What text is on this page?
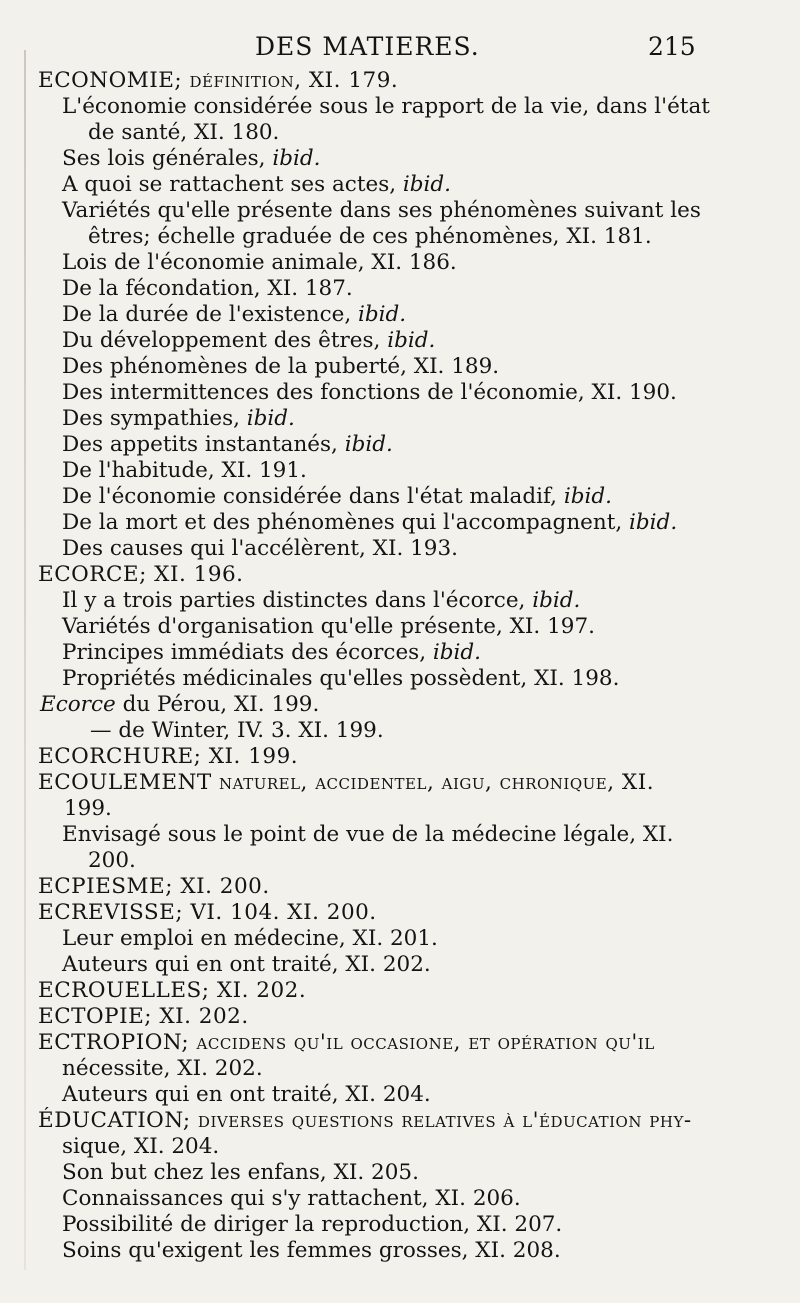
DES MATIERES.	215
ECONOMIE; définition, XI. 179.
L'économie considérée sous le rapport de la vie, dans l'état
de santé, XI. 180.
Ses lois générales, ibid.
A quoi se rattachent ses actes, ibid.
Variétés qu'elle présente dans ses phénomènes suivant les
êtres; échelle graduée de ces phénomènes, XI. 181.
Lois de l'économie animale, XI. 186.
De la fécondation, XI. 187.
De la durée de l'existence, ibid.
Du développement des êtres, ibid.
Des phénomènes de la puberté, XI. 189.
Des intermittences des fonctions de l'économie, XI. 190.
Des sympathies, ibid.
Des appetits instantanés, ibid.
De l'habitude, XI. 191.
De l'économie considérée dans l'état maladif, ibid.
De la mort et des phénomènes qui l'accompagnent, ibid.
Des causes qui l'accélèrent, XI. 193.
ECORCE; XI. 196.
Il y a trois parties distinctes dans l'écorce, ibid.
Variétés d'organisation qu'elle présente, XI. 197.
Principes immédiats des écorces, ibid.
Propriétés médicinales qu'elles possèdent, XI. 198.
Ecorce du Pérou, XI. 199.
— de Winter, IV. 3. XI. 199.
ECORCHURE; XI. 199.
ECOULEMENT naturel, accidentel, aigu, chronique, XI.
199.
Envisagé sous le point de vue de la médecine légale, XI.
200.
ECPIESME; XI. 200.
ECREVISSE; VI. 104. XI. 200.
Leur emploi en médecine, XI. 201.
Auteurs qui en ont traité, XI. 202.
ECROUELLES; XI. 202.
ECTOPIE; XI. 202.
ECTROPION; accidens qu'il occasione, et opération qu'il
nécessite, XI. 202.
Auteurs qui en ont traité, XI. 204.
ÉDUCATION; diverses questions relatives à l'éducation phy-
sique, XI. 204.
Son but chez les enfans, XI. 205.
Connaissances qui s'y rattachent, XI. 206.
Possibilité de diriger la reproduction, XI. 207.
Soins qu'exigent les femmes grosses, XI. 208.
